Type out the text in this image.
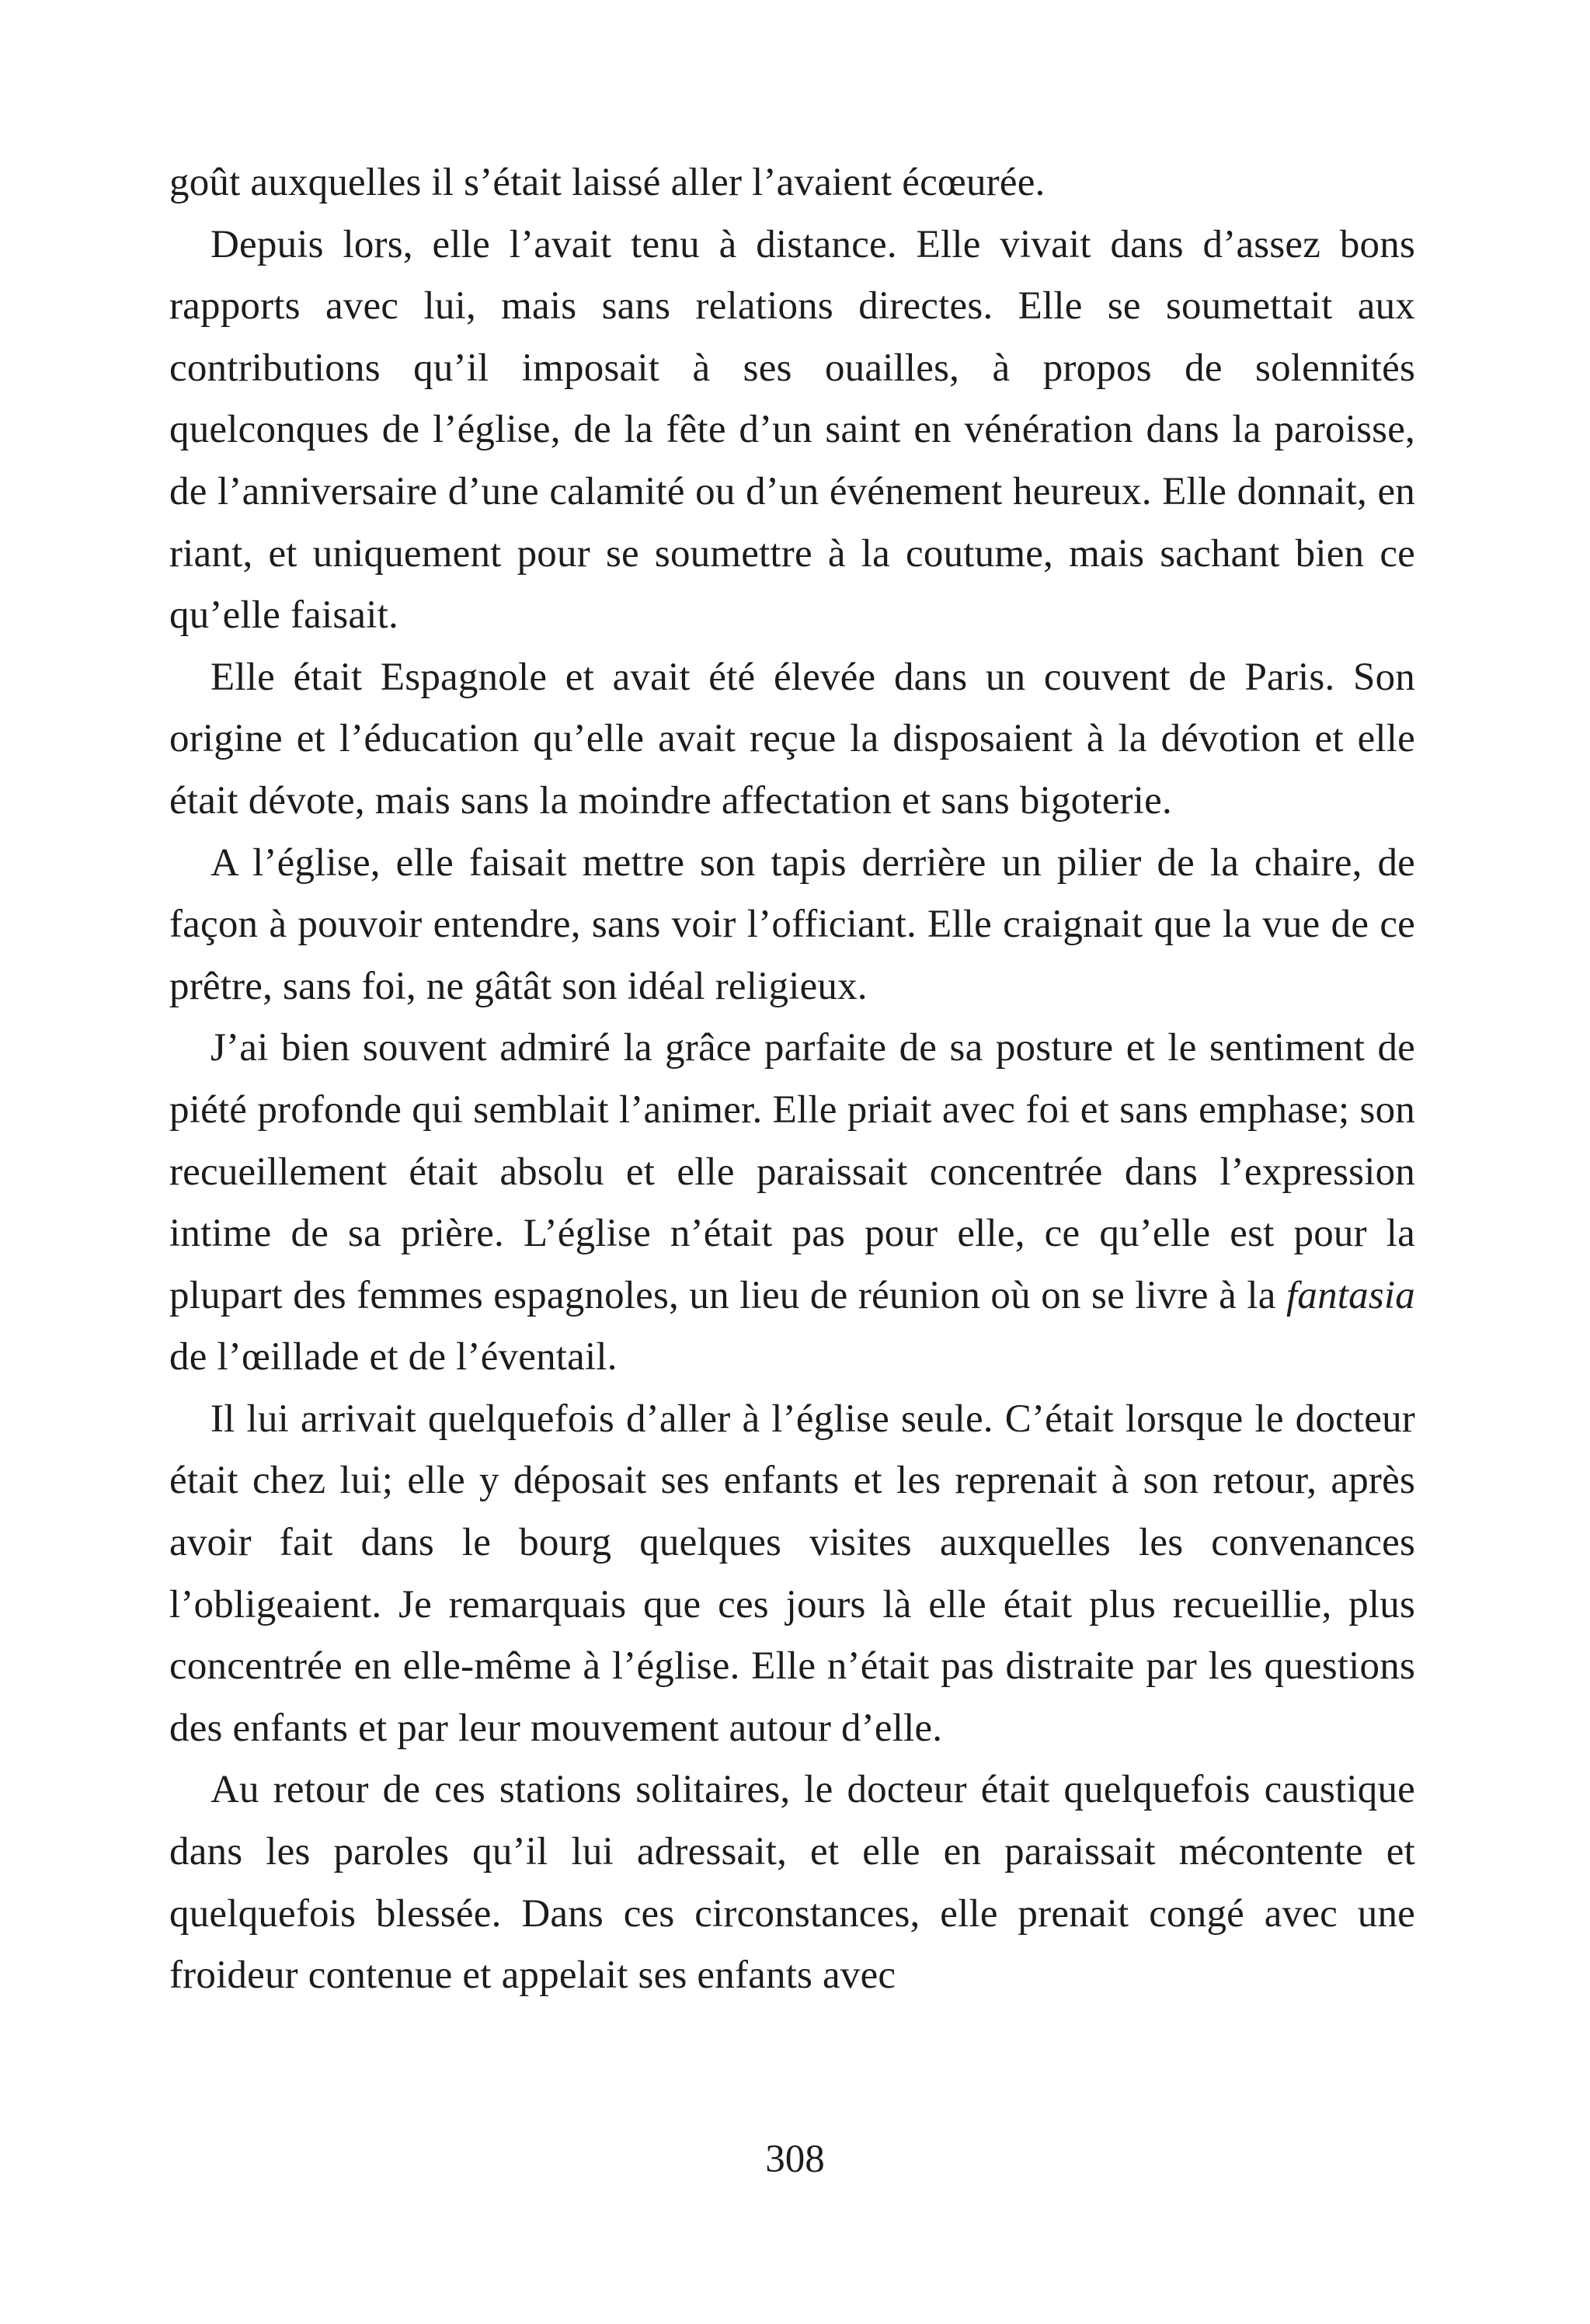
goût auxquelles il s’était laissé aller l’avaient écœurée.

Depuis lors, elle l’avait tenu à distance. Elle vivait dans d’assez bons rapports avec lui, mais sans relations directes. Elle se soumettait aux contributions qu’il imposait à ses ouailles, à propos de solennités quelconques de l’église, de la fête d’un saint en vénération dans la paroisse, de l’anniversaire d’une calamité ou d’un événement heureux. Elle donnait, en riant, et uniquement pour se soumettre à la coutume, mais sachant bien ce qu’elle faisait.

Elle était Espagnole et avait été élevée dans un couvent de Paris. Son origine et l’éducation qu’elle avait reçue la disposaient à la dévotion et elle était dévote, mais sans la moindre affectation et sans bigoterie.

A l’église, elle faisait mettre son tapis derrière un pilier de la chaire, de façon à pouvoir entendre, sans voir l’officiant. Elle craignait que la vue de ce prêtre, sans foi, ne gâtât son idéal religieux.

J’ai bien souvent admiré la grâce parfaite de sa posture et le sentiment de piété profonde qui semblait l’animer. Elle priait avec foi et sans emphase; son recueillement était absolu et elle paraissait concentrée dans l’expression intime de sa prière. L’église n’était pas pour elle, ce qu’elle est pour la plupart des femmes espagnoles, un lieu de réunion où on se livre à la fantasia de l’œillade et de l’éventail.

Il lui arrivait quelquefois d’aller à l’église seule. C’était lorsque le docteur était chez lui; elle y déposait ses enfants et les reprenait à son retour, après avoir fait dans le bourg quelques visites auxquelles les convenances l’obligeaient. Je remarquais que ces jours là elle était plus recueillie, plus concentrée en elle-même à l’église. Elle n’était pas distraite par les questions des enfants et par leur mouvement autour d’elle.

Au retour de ces stations solitaires, le docteur était quelquefois caustique dans les paroles qu’il lui adressait, et elle en paraissait mécontente et quelquefois blessée. Dans ces circonstances, elle prenait congé avec une froideur contenue et appelait ses enfants avec

308
